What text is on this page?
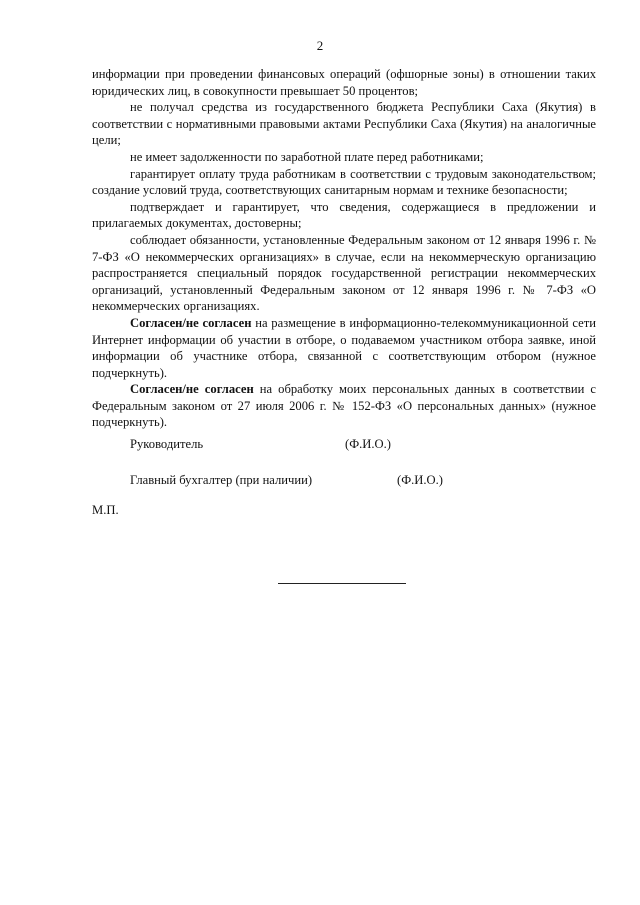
2

информации при проведении финансовых операций (офшорные зоны) в отношении таких юридических лиц, в совокупности превышает 50 процентов;

не получал средства из государственного бюджета Республики Саха (Якутия) в соответствии с нормативными правовыми актами Республики Саха (Якутия) на аналогичные цели;

не имеет задолженности по заработной плате перед работниками;

гарантирует оплату труда работникам в соответствии с трудовым законодательством; создание условий труда, соответствующих санитарным нормам и технике безопасности;

подтверждает и гарантирует, что сведения, содержащиеся в предложении и прилагаемых документах, достоверны;

соблюдает обязанности, установленные Федеральным законом от 12 января 1996 г. № 7-ФЗ «О некоммерческих организациях» в случае, если на некоммерческую организацию распространяется специальный порядок государственной регистрации некоммерческих организаций, установленный Федеральным законом от 12 января 1996 г. № 7-ФЗ «О некоммерческих организациях.

Согласен/не согласен на размещение в информационно-телекоммуникационной сети Интернет информации об участии в отборе, о подаваемом участником отбора заявке, иной информации об участнике отбора, связанной с соответствующим отбором (нужное подчеркнуть).

Согласен/не согласен на обработку моих персональных данных в соответствии с Федеральным законом от 27 июля 2006 г. № 152-ФЗ «О персональных данных» (нужное подчеркнуть).

Руководитель	(Ф.И.О.)
Главный бухгалтер (при наличии)	(Ф.И.О.)
М.П.
